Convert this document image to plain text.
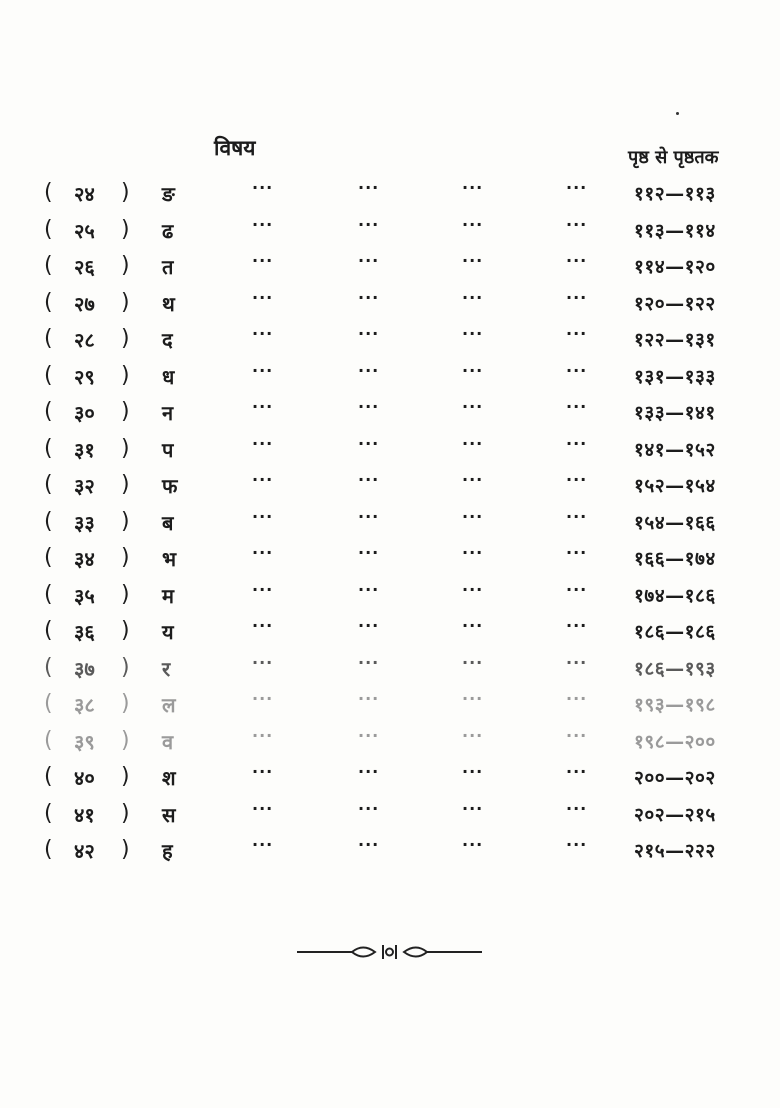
विषय	पृष्ठ से पृष्ठतक
( २४ ) ङ	···	···	···	··· ११२—११३
( २५ ) ढ	···	···	···	··· ११३—११४
( २६ ) त	···	···	···	··· ११४—१२०
( २७ ) थ	···	···	···	··· १२०—१२२
( २८ ) द	···	···	···	··· १२२—१३१
( २९ ) ध	···	···	···	··· १३१—१३३
( ३० ) न	···	···	···	··· १३३—१४१
( ३१ ) प	···	···	···	··· १४१—१५२
( ३२ ) फ	···	···	···	··· १५२—१५४
( ३३ ) ब	···	···	···	··· १५४—१६६
( ३४ ) भ	···	···	···	··· १६६—१७४
( ३५ ) म	···	···	···	··· १७४—१८६
( ३६ ) य	···	···	···	··· १८६—१८६
( ३७ ) र	···	···	···	··· १८६—१९३
( ३८ ) ल	···	···	···	··· १९३—१९८
( ३९ ) व	···	···	···	··· १९८—२००
( ४० ) श	···	···	···	··· २००—२०२
( ४१ ) स	···	···	···	··· २०२—२१५
( ४२ ) ह	···	···	···	··· २१५—२२२
